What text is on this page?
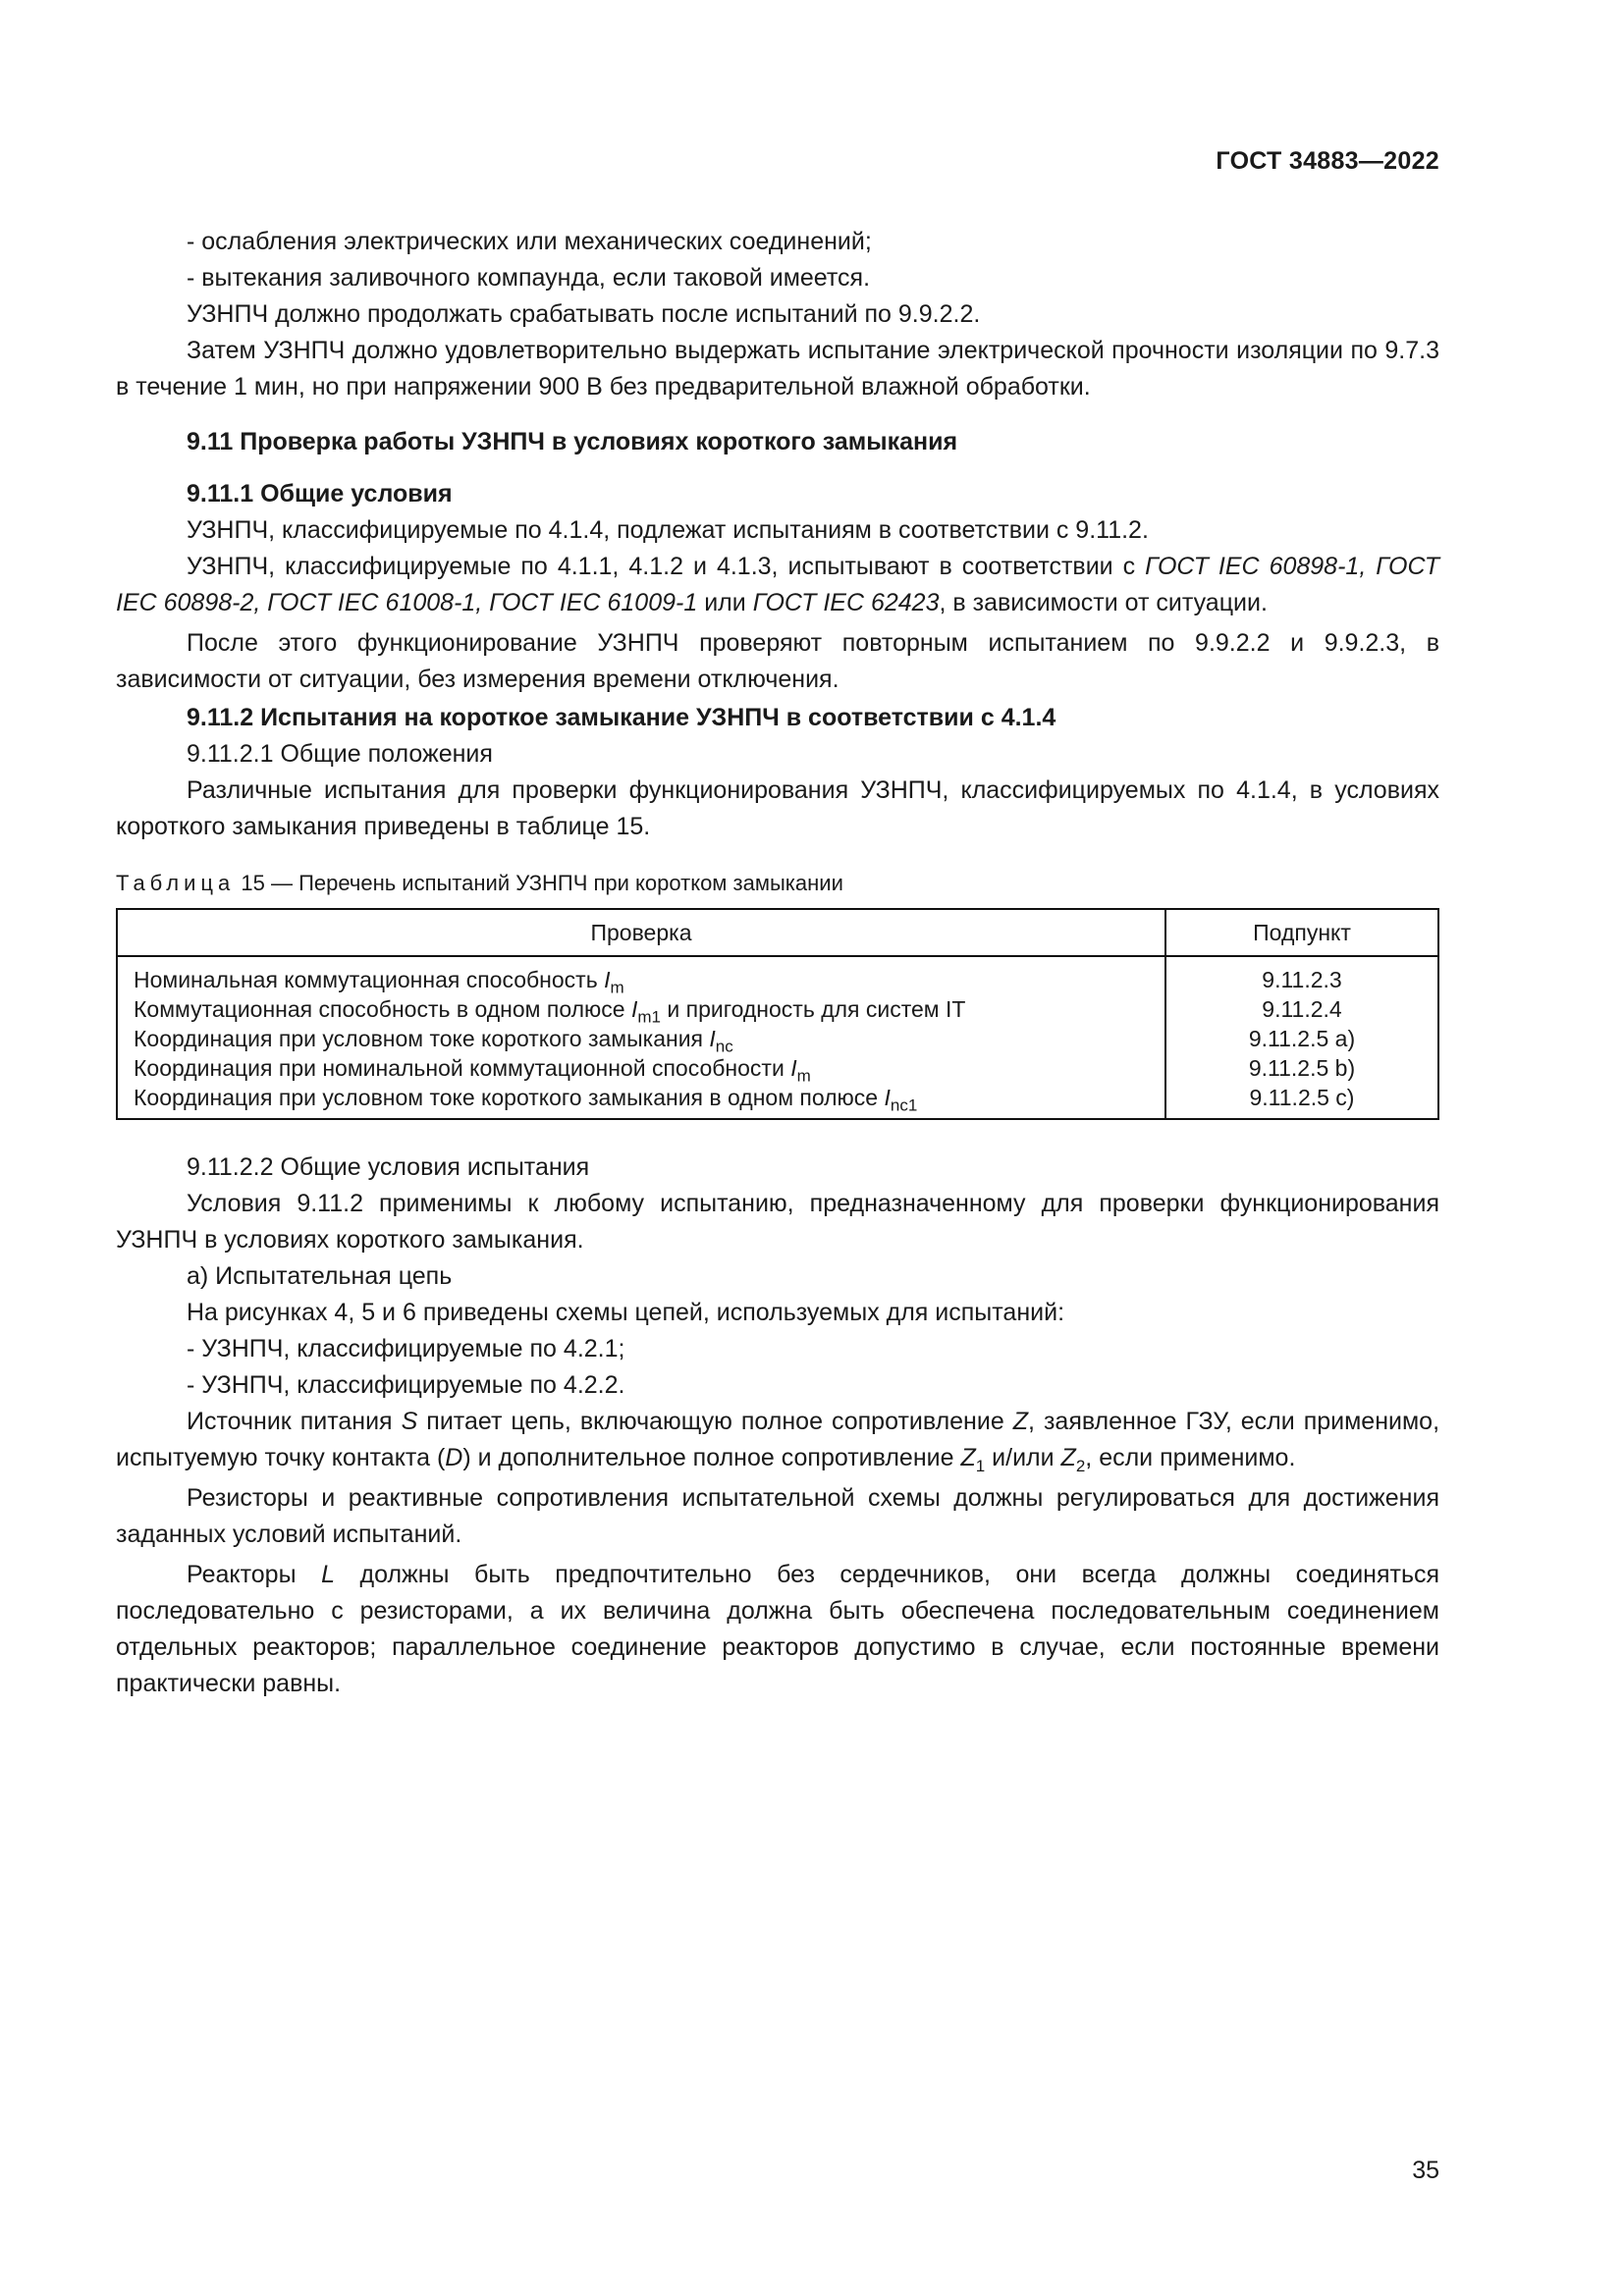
ГОСТ 34883—2022

- ослабления электрических или механических соединений;

- вытекания заливочного компаунда, если таковой имеется.

УЗНПЧ должно продолжать срабатывать после испытаний по 9.9.2.2.

Затем УЗНПЧ должно удовлетворительно выдержать испытание электрической прочности изоляции по 9.7.3 в течение 1 мин, но при напряжении 900 В без предварительной влажной обработки.

9.11 Проверка работы УЗНПЧ в условиях короткого замыкания

9.11.1 Общие условия

УЗНПЧ, классифицируемые по 4.1.4, подлежат испытаниям в соответствии с 9.11.2.

УЗНПЧ, классифицируемые по 4.1.1, 4.1.2 и 4.1.3, испытывают в соответствии с ГОСТ IEC 60898-1, ГОСТ IEC 60898-2, ГОСТ IEC 61008-1, ГОСТ IEC 61009-1 или ГОСТ IEC 62423, в зависимости от ситуации.

После этого функционирование УЗНПЧ проверяют повторным испытанием по 9.9.2.2 и 9.9.2.3, в зависимости от ситуации, без измерения времени отключения.

9.11.2 Испытания на короткое замыкание УЗНПЧ в соответствии с 4.1.4

9.11.2.1 Общие положения

Различные испытания для проверки функционирования УЗНПЧ, классифицируемых по 4.1.4, в условиях короткого замыкания приведены в таблице 15.

Таблица 15 — Перечень испытаний УЗНПЧ при коротком замыкании

Проверка	Подпункт
Номинальная коммутационная способность $I_m$	9.11.2.3
Коммутационная способность в одном полюсе $I_{m1}$ и пригодность для систем IT	9.11.2.4
Координация при условном токе короткого замыкания $I_{nc}$	9.11.2.5 a)
Координация при номинальной коммутационной способности $I_m$	9.11.2.5 b)
Координация при условном токе короткого замыкания в одном полюсе $I_{nc1}$	9.11.2.5 c)

9.11.2.2 Общие условия испытания

Условия 9.11.2 применимы к любому испытанию, предназначенному для проверки функционирования УЗНПЧ в условиях короткого замыкания.

a) Испытательная цепь

На рисунках 4, 5 и 6 приведены схемы цепей, используемых для испытаний:

- УЗНПЧ, классифицируемые по 4.2.1;

- УЗНПЧ, классифицируемые по 4.2.2.

Источник питания S питает цепь, включающую полное сопротивление Z, заявленное ГЗУ, если применимо, испытуемую точку контакта (D) и дополнительное полное сопротивление $Z_1$ и/или $Z_2$, если применимо.

Резисторы и реактивные сопротивления испытательной схемы должны регулироваться для достижения заданных условий испытаний.

Реакторы L должны быть предпочтительно без сердечников, они всегда должны соединяться последовательно с резисторами, а их величина должна быть обеспечена последовательным соединением отдельных реакторов; параллельное соединение реакторов допустимо в случае, если постоянные времени практически равны.

35
